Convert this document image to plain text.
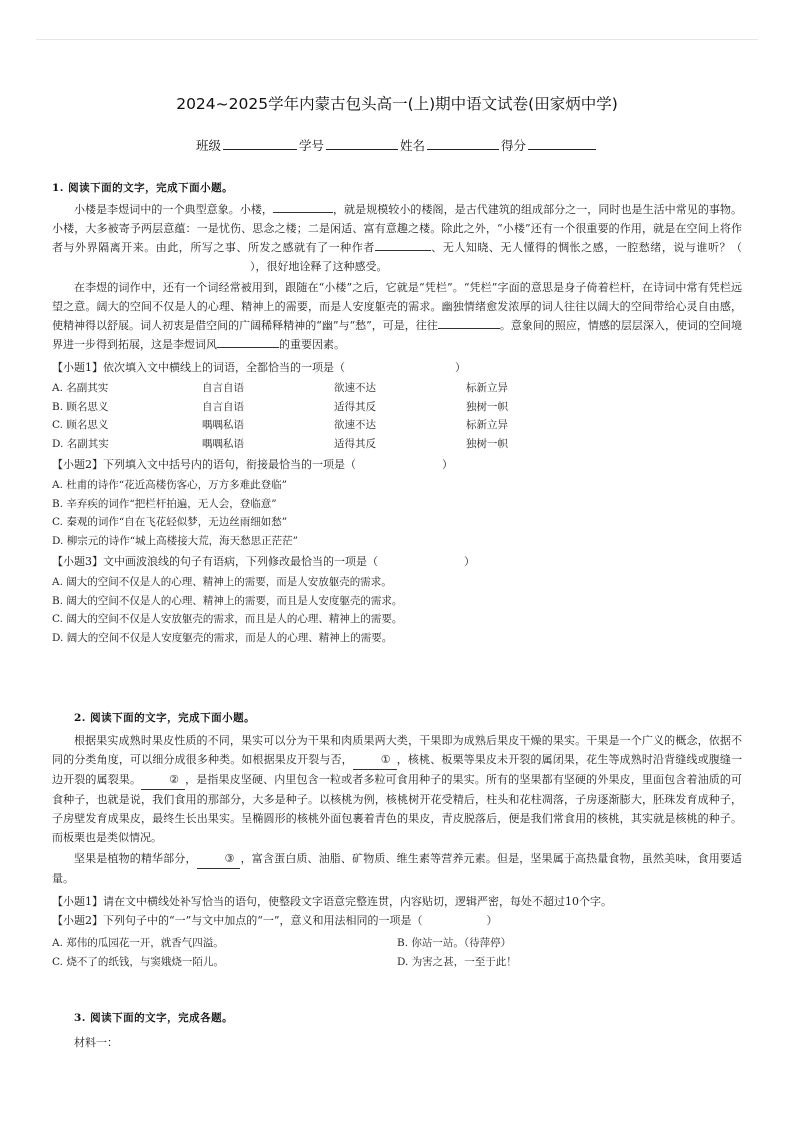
2024~2025学年内蒙古包头高一(上)期中语文试卷(田家炳中学)
班级	学号	姓名	得分
1. 阅读下面的文字，完成下面小题。
小楼是李煜词中的一个典型意象。小楼，	，就是规模较小的楼阁，是古代建筑的组成部分之一，同时也是生活中常见的事物。小楼，大多被寄予两层意蕴：一是忧伤、思念之楼；二是闲适、富有意趣之楼。除此之外，“小楼”还有一个很重要的作用，就是在空间上将作者与外界隔离开来。由此，所写之事、所发之感就有了一种作者	、无人知晓、无人懂得的惆怅之感，一腔愁绪，说与谁听？（），很好地诠释了这种感受。
在李煜的词作中，还有一个词经常被用到，跟随在“小楼”之后，它就是“凭栏”。“凭栏”字面的意思是身子倚着栏杆，在诗词中常有凭栏远望之意。阔大的空间不仅是人的心理、精神上的需要，而是人安度躯壳的需求。幽独情绪愈发浓厚的词人往往以阔大的空间带给心灵自由感，使精神得以舒展。词人初衷是借空间的广阔稀释精神的“幽”与“愁”，可是，往往	。意象间的照应，情感的层层深入，使词的空间境界进一步得到拓展，这是李煜词风	的重要因素。
【小题1】依次填入文中横线上的词语，全都恰当的一项是（	）
A. 名副其实	自言自语	欲速不达	标新立异
B. 顾名思义	自言自语	适得其反	独树一帜
C. 顾名思义	喁喁私语	欲速不达	标新立异
D. 名副其实	喁喁私语	适得其反	独树一帜
【小题2】下列填入文中括号内的语句，衔接最恰当的一项是（	）
A. 杜甫的诗作“花近高楼伤客心，万方多难此登临”
B. 辛弃疾的词作“把栏杆拍遍，无人会，登临意”
C. 秦观的词作“自在飞花轻似梦，无边丝雨细如愁”
D. 柳宗元的诗作“城上高楼接大荒，海天愁思正茫茫”
【小题3】文中画波浪线的句子有语病，下列修改最恰当的一项是（	）
A. 阔大的空间不仅是人的心理、精神上的需要，而是人安放躯壳的需求。
B. 阔大的空间不仅是人的心理、精神上的需要，而且是人安度躯壳的需求。
C. 阔大的空间不仅是人安放躯壳的需求，而且是人的心理、精神上的需要。
D. 阔大的空间不仅是人安度躯壳的需求，而是人的心理、精神上的需要。
2. 阅读下面的文字，完成下面小题。
根据果实成熟时果皮性质的不同，果实可以分为干果和肉质果两大类，干果即为成熟后果皮干燥的果实。干果是一个广义的概念，依据不同的分类角度，可以细分成很多种类。如根据果皮开裂与否，	① ，核桃、板栗等果皮未开裂的属闭果，花生等成熟时沿背缝线或腹缝一边开裂的属裂果。	② ，是指果皮坚硬、内里包含一粒或者多粒可食用种子的果实。所有的坚果都有坚硬的外果皮，里面包含着油质的可食种子，也就是说，我们食用的那部分，大多是种子。以核桃为例，核桃树开花受精后，柱头和花柱凋落，子房逐渐膨大，胚珠发育成种子，子房壁发育成果皮，最终生长出果实。呈椭圆形的核桃外面包裹着青色的果皮，青皮脱落后，便是我们常食用的核桃，其实就是核桃的种子。而板栗也是类似情况。
坚果是植物的精华部分，	③ ，富含蛋白质、油脂、矿物质、维生素等营养元素。但是，坚果属于高热量食物，虽然美味，食用要适量。
【小题1】请在文中横线处补写恰当的语句，使整段文字语意完整连贯，内容贴切，逻辑严密，每处不超过10个字。
【小题2】下列句子中的“一”与文中加点的“一”，意义和用法相同的一项是（	）
A. 郑伟的瓜园花一开，就香气四溢。	B. 你站一站。（待萍停）
C. 烧不了的纸钱，与窦娥烧一陌儿。	D. 为害之甚，一至于此！
3. 阅读下面的文字，完成各题。
材料一：
